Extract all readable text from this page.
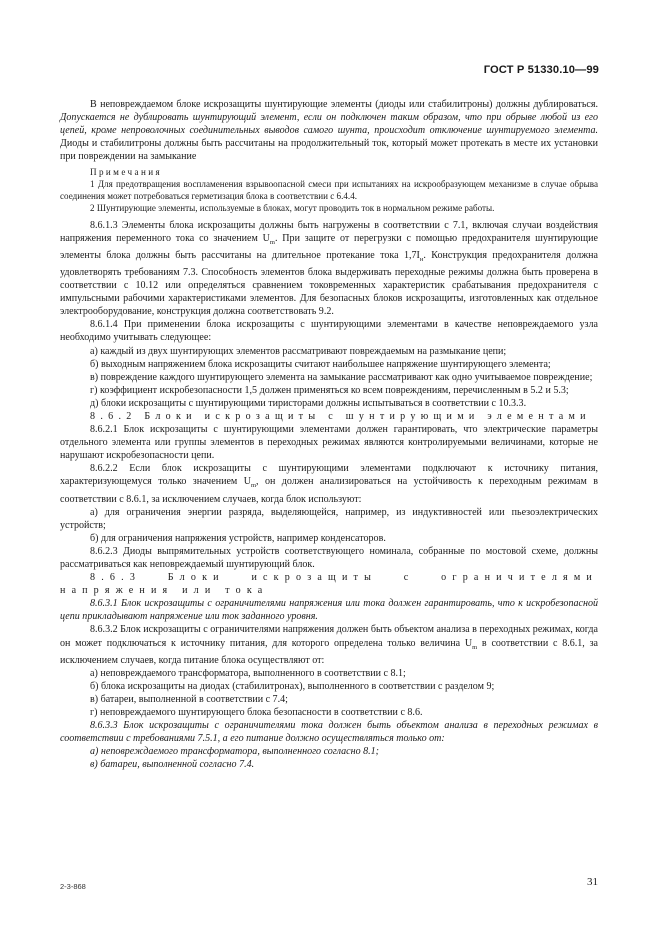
ГОСТ Р 51330.10—99

В неповреждаемом блоке искрозащиты шунтирующие элементы (диоды или стабилитроны) должны дублироваться. Допускается не дублировать шунтирующий элемент, если он подключен таким образом, что при обрыве любой из его цепей, кроме непроволочных соединительных выводов самого шунта, происходит отключение шунтируемого элемента. Диоды и стабилитроны должны быть рассчитаны на продолжительный ток, который может протекать в месте их установки при повреждении на замыкание

Примечания

1 Для предотвращения воспламенения взрывоопасной смеси при испытаниях на искрообразующем механизме в случае обрыва соединения может потребоваться герметизация блока в соответствии с 6.4.4.

2 Шунтирующие элементы, используемые в блоках, могут проводить ток в нормальном режиме работы.

8.6.1.3 Элементы блока искрозащиты должны быть нагружены в соответствии с 7.1, включая случаи воздействия напряжения переменного тока со значением $U_m$. При защите от перегрузки с помощью предохранителя шунтирующие элементы блока должны быть рассчитаны на длительное протекание тока $1,7I_н$. Конструкция предохранителя должна удовлетворять требованиям 7.3. Способность элементов блока выдерживать переходные режимы должна быть проверена в соответствии с 10.12 или определяться сравнением токовременных характеристик срабатывания предохранителя с импульсными рабочими характеристиками элементов. Для безопасных блоков искрозащиты, изготовленных как отдельное электрооборудование, конструкция должна соответствовать 9.2.

8.6.1.4 При применении блока искрозащиты с шунтирующими элементами в качестве неповреждаемого узла необходимо учитывать следующее:

а) каждый из двух шунтирующих элементов рассматривают повреждаемым на размыкание цепи;

б) выходным напряжением блока искрозащиты считают наибольшее напряжение шунтирующего элемента;

в) повреждение каждого шунтирующего элемента на замыкание рассматривают как одно учитываемое повреждение;

г) коэффициент искробезопасности 1,5 должен применяться ко всем повреждениям, перечисленным в 5.2 и 5.3;

д) блоки искрозащиты с шунтирующими тиристорами должны испытываться в соответствии с 10.3.3.

8.6.2 Блоки искрозащиты с шунтирующими элементами

8.6.2.1 Блок искрозащиты с шунтирующими элементами должен гарантировать, что электрические параметры отдельного элемента или группы элементов в переходных режимах являются контролируемыми величинами, которые не нарушают искробезопасности цепи.

8.6.2.2 Если блок искрозащиты с шунтирующими элементами подключают к источнику питания, характеризующемуся только значением $U_m$, он должен анализироваться на устойчивость к переходным режимам в соответствии с 8.6.1, за исключением случаев, когда блок используют:

а) для ограничения энергии разряда, выделяющейся, например, из индуктивностей или пьезоэлектрических устройств;

б) для ограничения напряжения устройств, например конденсаторов.

8.6.2.3 Диоды выпрямительных устройств соответствующего номинала, собранные по мостовой схеме, должны рассматриваться как неповреждаемый шунтирующий блок.

8.6.3 Блоки искрозащиты с ограничителями напряжения или тока

8.6.3.1 Блок искрозащиты с ограничителями напряжения или тока должен гарантировать, что к искробезопасной цепи прикладывают напряжение или ток заданного уровня.

8.6.3.2 Блок искрозащиты с ограничителями напряжения должен быть объектом анализа в переходных режимах, когда он может подключаться к источнику питания, для которого определена только величина $U_m$ в соответствии с 8.6.1, за исключением случаев, когда питание блока осуществляют от:

а) неповреждаемого трансформатора, выполненного в соответствии с 8.1;

б) блока искрозащиты на диодах (стабилитронах), выполненного в соответствии с разделом 9;

в) батареи, выполненной в соответствии с 7.4;

г) неповреждаемого шунтирующего блока безопасности в соответствии с 8.6.

8.6.3.3 Блок искрозащиты с ограничителями тока должен быть объектом анализа в переходных режимах в соответствии с требованиями 7.5.1, а его питание должно осуществляться только от:

а) неповреждаемого трансформатора, выполненного согласно 8.1;

в) батареи, выполненной согласно 7.4.

2-3-868	31
